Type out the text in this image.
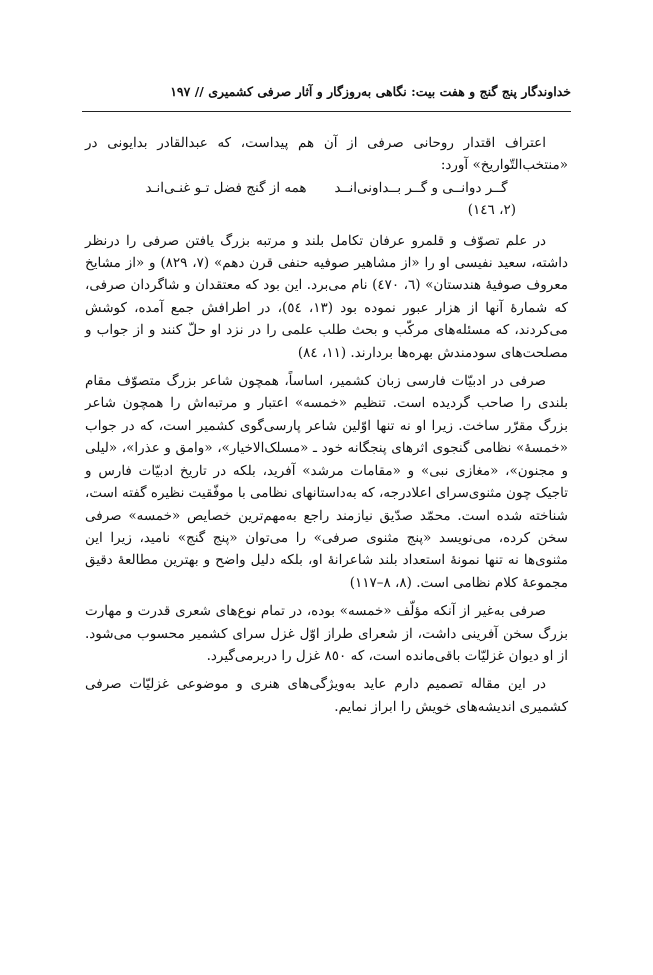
خداوندگار پنج گنج و هفت بیت: نگاهی به‌روزگار و آثار صرفی کشمیری // ۱۹۷

اعتراف اقتدار روحانی صرفی از آن هم پیداست، که عبدالقادر بدایونی در «منتخب‌التّواریخ» آورد:

گــر دوانــی و گــر بــداونی‌انــد
همه از گنج فضل تـو غنـی‌انـد
(۲، ۱٤٦)

در علم تصوّف و قلمرو عرفان تکامل بلند و مرتبه بزرگ یافتن صرفی را درنظر داشته، سعید نفیسی او را «از مشاهیر صوفیه حنفی قرن دهم» (۷، ۸۲۹) و «از مشایخ معروف صوفیهٔ هندستان» (٦، ٤٧٠) نام می‌برد. این بود که معتقدان و شاگردان صرفی، که شمارهٔ آنها از هزار عبور نموده بود (۱۳، ٥٤)، در اطرافش جمع آمده، کوشش می‌کردند، که مسئله‌های مرکّب و بحث طلب علمی را در نزد او حلّ کنند و از جواب و مصلحت‌های سودمندش بهره‌ها بردارند. (۱۱، ۸٤)

صرفی در ادبیّات فارسی زبان کشمیر، اساساً، همچون شاعر بزرگ متصوّف مقام بلندی را صاحب گردیده است. تنظیم «خمسه» اعتبار و مرتبه‌اش را همچون شاعر بزرگ مقرّر ساخت. زیرا او نه تنها اوّلین شاعر پارسی‌گوی کشمیر است، که در جواب «خمسهٔ» نظامی گنجوی اثرهای پنجگانه خود ـ «مسلک‌الاخیار»، «وامق و عذرا»، «لیلی و مجنون»، «مغازی نبی» و «مقامات مرشد» آفرید، بلکه در تاریخ ادبیّات فارس و تاجیک چون مثنوی‌سرای اعلادرجه، که به‌داستانهای نظامی با موفّقیت نظیره گفته است، شناخته شده است. محمّد صدّیق نیازمند راجع به‌مهم‌ترین خصایص «خمسه» صرفی سخن کرده، می‌نویسد «پنج مثنوی صرفی» را می‌توان «پنج گنج» نامید، زیرا این مثنوی‌ها نه تنها نمونهٔ استعداد بلند شاعرانهٔ او، بلکه دلیل واضح و بهترین مطالعهٔ دقیق مجموعهٔ کلام نظامی است. (۸، ۸–۱۱۷)

صرفی به‌غیر از آنکه مؤلّف «خمسه» بوده، در تمام نوع‌های شعری قدرت و مهارت بزرگ سخن آفرینی داشت، از شعرای طراز اوّل غزل سرای کشمیر محسوب می‌شود. از او دیوان غزلیّات باقی‌مانده است، که ۸٥۰ غزل را دربرمی‌گیرد.

در این مقاله تصمیم دارم عاید به‌ویژگی‌های هنری و موضوعی غزلیّات صرفی کشمیری اندیشه‌های خویش را ابراز نمایم.
